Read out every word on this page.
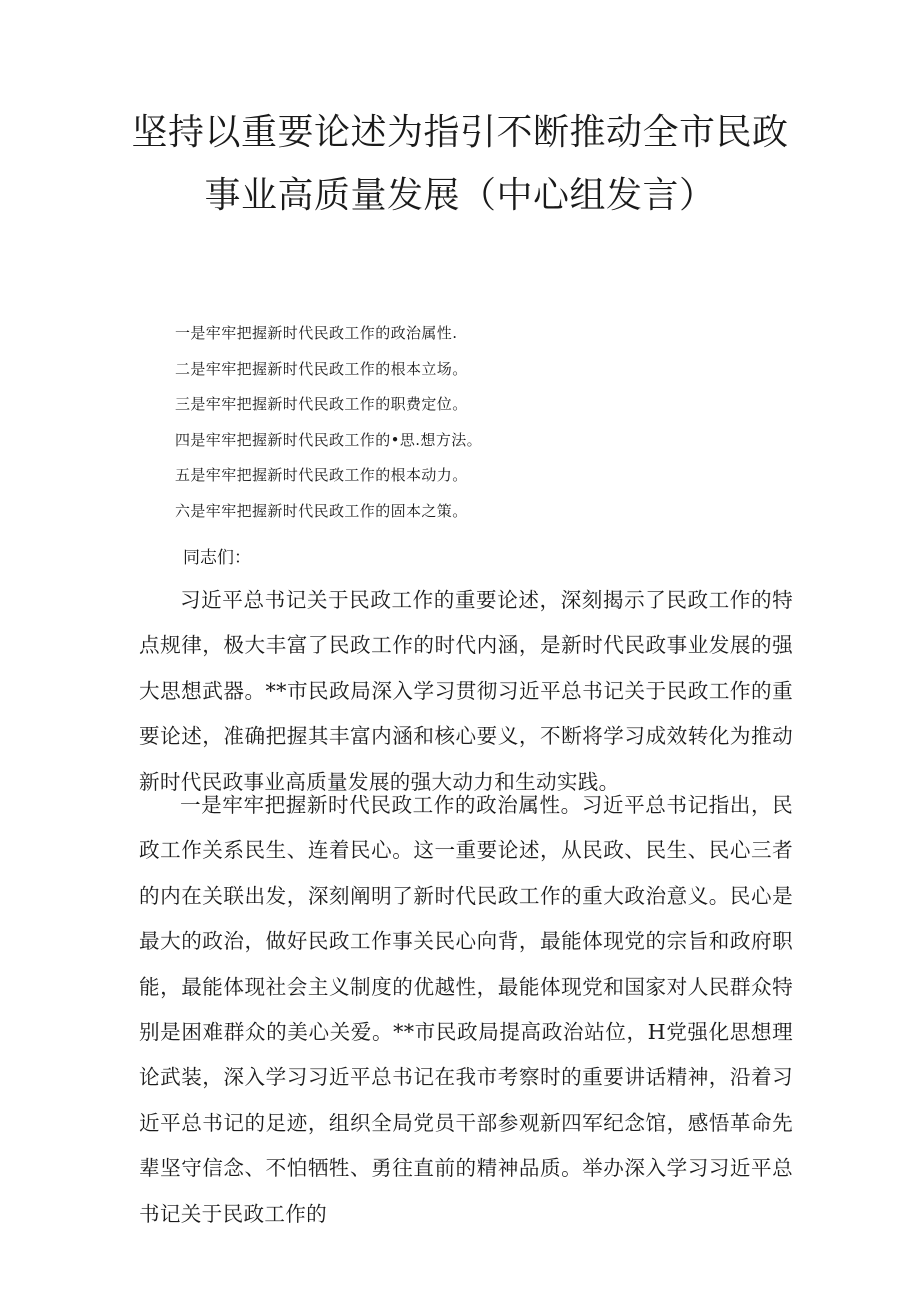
坚持以重要论述为指引不断推动全市民政
事业高质量发展（中心组发言）
一是牢牢把握新时代民政工作的政治属性.
二是牢牢把握新时代民政工作的根本立场。
三是牢牢把握新时代民政工作的职费定位。
四是牢牢把握新时代民政工作的•思.想方法。
五是牢牢把握新时代民政工作的根本动力。
六是牢牢把握新时代民政工作的固本之策。
同志们：

习近平总书记关于民政工作的重要论述，深刻揭示了民政工作的特点规律，极大丰富了民政工作的时代内涵，是新时代民政事业发展的强大思想武器。**市民政局深入学习贯彻习近平总书记关于民政工作的重要论述，准确把握其丰富内涵和核心要义，不断将学习成效转化为推动新时代民政事业高质量发展的强大动力和生动实践。

一是牢牢把握新时代民政工作的政治属性。习近平总书记指出，民政工作关系民生、连着民心。这一重要论述，从民政、民生、民心三者的内在关联出发，深刻阐明了新时代民政工作的重大政治意义。民心是最大的政治，做好民政工作事关民心向背，最能体现党的宗旨和政府职能，最能体现社会主义制度的优越性，最能体现党和国家对人民群众特别是困难群众的美心关爱。**市民政局提高政治站位，H党强化思想理论武装，深入学习习近平总书记在我市考察时的重要讲话精神，沿着习近平总书记的足迹，组织全局党员干部参观新四军纪念馆，感悟革命先辈坚守信念、不怕牺牲、勇往直前的精神品质。举办深入学习习近平总书记关于民政工作的
